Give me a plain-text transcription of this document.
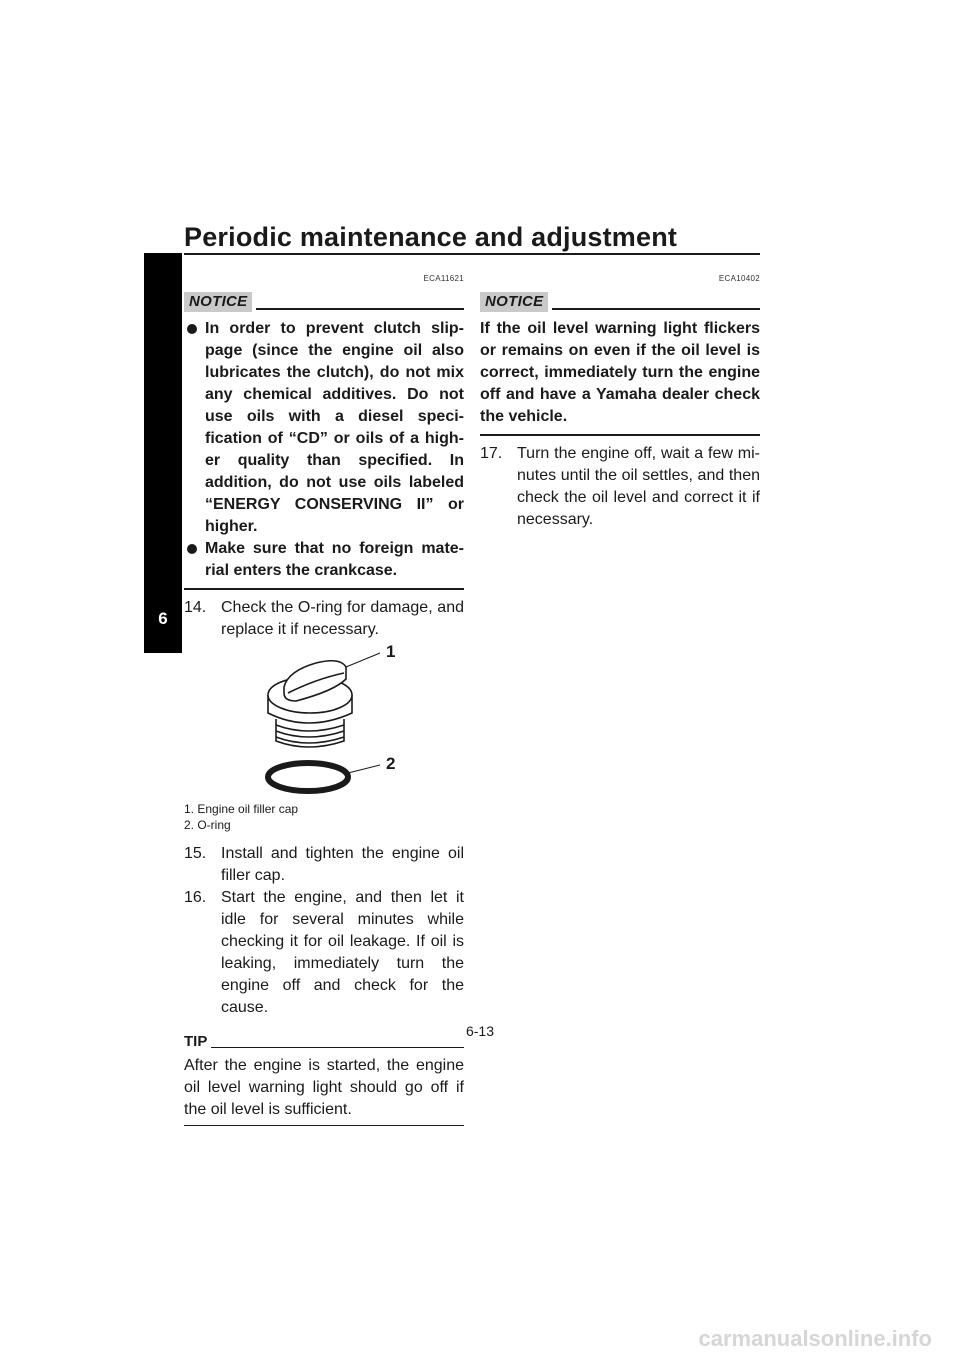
Periodic maintenance and adjustment
6
ECA11621
NOTICE
In order to prevent clutch slip-page (since the engine oil also lubricates the clutch), do not mix any chemical additives. Do not use oils with a diesel speci-fication of “CD” or oils of a high-er quality than specified. In addition, do not use oils labeled “ENERGY CONSERVING II” or higher.
Make sure that no foreign mate-rial enters the crankcase.
14. Check the O-ring for damage, and replace it if necessary.
1
2
1. Engine oil filler cap
2. O-ring
15. Install and tighten the engine oil filler cap.
16. Start the engine, and then let it idle for several minutes while checking it for oil leakage. If oil is leaking, immediately turn the engine off and check for the cause.
TIP
After the engine is started, the engine oil level warning light should go off if the oil level is sufficient.
ECA10402
NOTICE

If the oil level warning light flickers or remains on even if the oil level is correct, immediately turn the engine off and have a Yamaha dealer check the vehicle.

17. Turn the engine off, wait a few mi-nutes until the oil settles, and then check the oil level and correct it if necessary.
6-13
carmanualsonline.info
